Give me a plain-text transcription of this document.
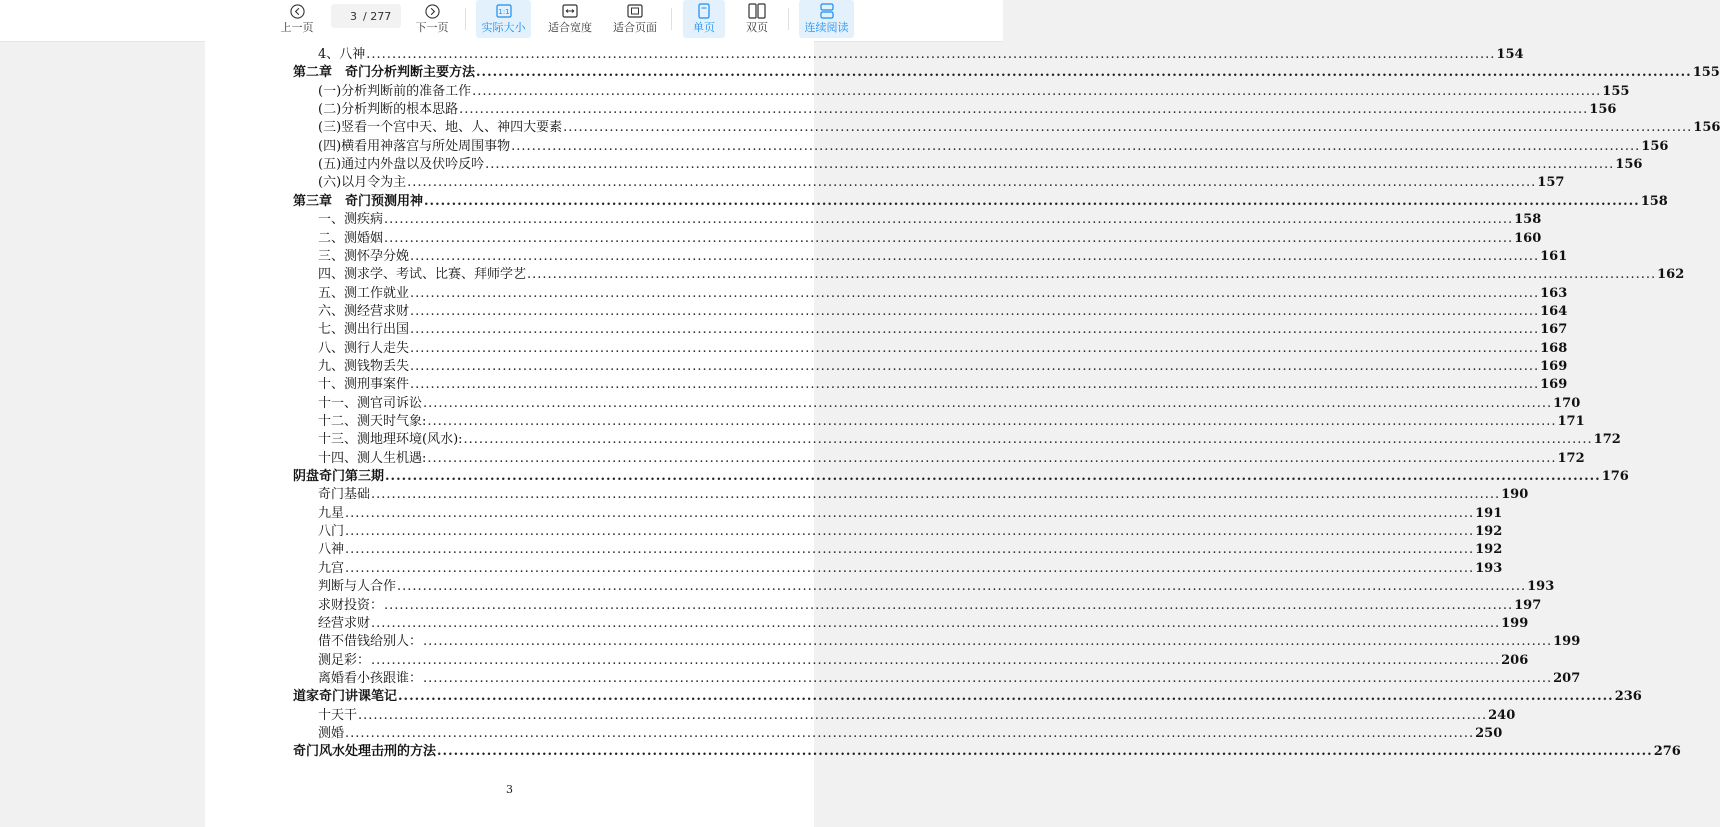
上一页
3
/ 277
下一页
1:1
实际大小 适合宽度 适合页面	单页	双页	连续阅读
4、八神 ............................................................................................................................................................................................................................ 154
第二章　奇门分析判断主要方法 ............................................................................................................................................................................................................................ 155
(一)分析判断前的准备工作 ............................................................................................................................................................................................................................ 155
(二)分析判断的根本思路 ............................................................................................................................................................................................................................ 156
(三)竖看一个宫中天、地、人、神四大要素 ............................................................................................................................................................................................................................ 156
(四)横看用神落宫与所处周围事物 ............................................................................................................................................................................................................................ 156
(五)通过内外盘以及伏吟反吟 ............................................................................................................................................................................................................................ 156
(六)以月令为主 ............................................................................................................................................................................................................................ 157
第三章　奇门预测用神 ............................................................................................................................................................................................................................ 158
一、测疾病 ............................................................................................................................................................................................................................ 158
二、测婚姻 ............................................................................................................................................................................................................................ 160
三、测怀孕分娩 ............................................................................................................................................................................................................................ 161
四、测求学、考试、比赛、拜师学艺 ............................................................................................................................................................................................................................ 162
五、测工作就业 ............................................................................................................................................................................................................................ 163
六、测经营求财 ............................................................................................................................................................................................................................ 164
七、测出行出国 ............................................................................................................................................................................................................................ 167
八、测行人走失 ............................................................................................................................................................................................................................ 168
九、测钱物丢失 ............................................................................................................................................................................................................................ 169
十、测刑事案件 ............................................................................................................................................................................................................................ 169
十一、测官司诉讼 ............................................................................................................................................................................................................................ 170
十二、测天时气象: ............................................................................................................................................................................................................................ 171
十三、测地理环境(风水): ............................................................................................................................................................................................................................ 172
十四、测人生机遇: ............................................................................................................................................................................................................................ 172
阴盘奇门第三期 ............................................................................................................................................................................................................................ 176
奇门基础 ............................................................................................................................................................................................................................ 190
九星 ............................................................................................................................................................................................................................ 191
八门 ............................................................................................................................................................................................................................ 192
八神 ............................................................................................................................................................................................................................ 192
九宫 ............................................................................................................................................................................................................................ 193
判断与人合作 ............................................................................................................................................................................................................................ 193
求财投资： ............................................................................................................................................................................................................................ 197
经营求财 ............................................................................................................................................................................................................................ 199
借不借钱给别人： ............................................................................................................................................................................................................................ 199
测足彩： ............................................................................................................................................................................................................................ 206
离婚看小孩跟谁： ............................................................................................................................................................................................................................ 207
道家奇门讲课笔记 ............................................................................................................................................................................................................................ 236
十天干 ............................................................................................................................................................................................................................ 240
测婚 ............................................................................................................................................................................................................................ 250
奇门风水处理击刑的方法 ............................................................................................................................................................................................................................ 276
3
